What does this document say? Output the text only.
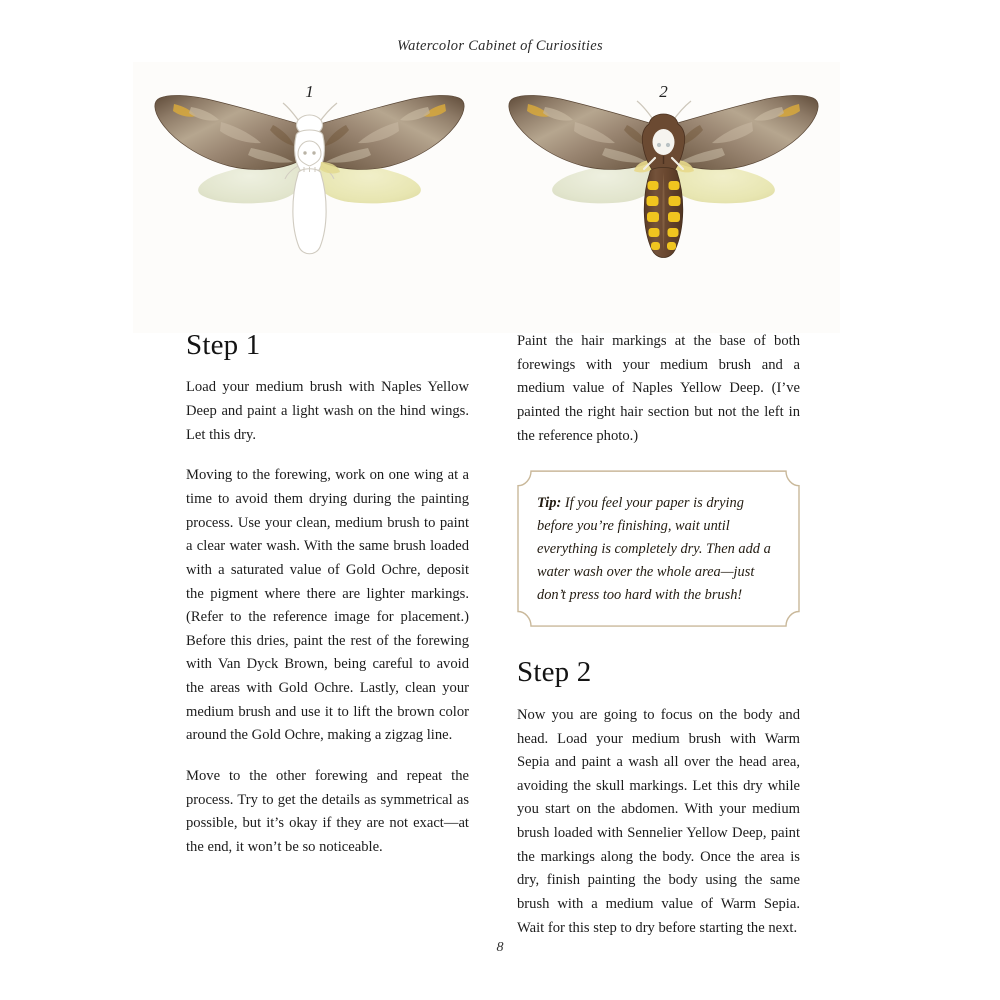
Watercolor Cabinet of Curiosities
1	2
Step 1

Load your medium brush with Naples Yellow Deep and paint a light wash on the hind wings. Let this dry.

Moving to the forewing, work on one wing at a time to avoid them drying during the painting process. Use your clean, medium brush to paint a clear water wash. With the same brush loaded with a saturated value of Gold Ochre, deposit the pigment where there are lighter markings. (Refer to the reference image for placement.) Before this dries, paint the rest of the forewing with Van Dyck Brown, being careful to avoid the areas with Gold Ochre. Lastly, clean your medium brush and use it to lift the brown color around the Gold Ochre, making a zigzag line.

Move to the other forewing and repeat the process. Try to get the details as symmetrical as possible, but it’s okay if they are not exact—at the end, it won’t be so noticeable.

Paint the hair markings at the base of both forewings with your medium brush and a medium value of Naples Yellow Deep. (I’ve painted the right hair section but not the left in the reference photo.)

Tip: If you feel your paper is drying before you’re finishing, wait until everything is completely dry. Then add a water wash over the whole area—just don’t press too hard with the brush!

Step 2

Now you are going to focus on the body and head. Load your medium brush with Warm Sepia and paint a wash all over the head area, avoiding the skull markings. Let this dry while you start on the abdomen. With your medium brush loaded with Sennelier Yellow Deep, paint the markings along the body. Once the area is dry, finish painting the body using the same brush with a medium value of Warm Sepia. Wait for this step to dry before starting the next.

8
